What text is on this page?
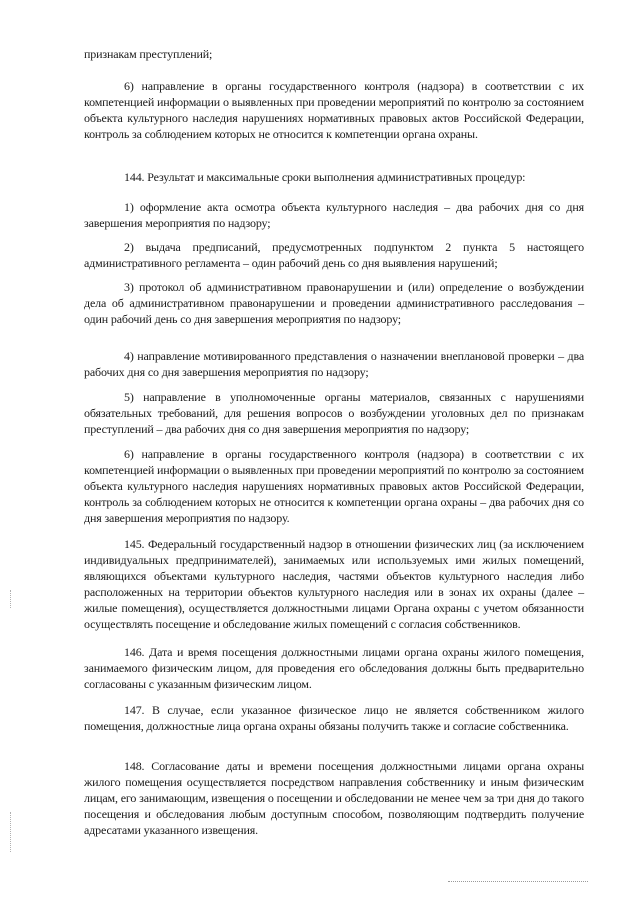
признакам преступлений;

6) направление в органы государственного контроля (надзора) в соответствии с их компетенцией информации о выявленных при проведении мероприятий по контролю за состоянием объекта культурного наследия нарушениях нормативных правовых актов Российской Федерации, контроль за соблюдением которых не относится к компетенции органа охраны.

144. Результат и максимальные сроки выполнения административных процедур:

1) оформление акта осмотра объекта культурного наследия – два рабочих дня со дня завершения мероприятия по надзору;

2) выдача предписаний, предусмотренных подпунктом 2 пункта 5 настоящего административного регламента – один рабочий день со дня выявления нарушений;

3) протокол об административном правонарушении и (или) определение о возбуждении дела об административном правонарушении и проведении административного расследования – один рабочий день со дня завершения мероприятия по надзору;

4) направление мотивированного представления о назначении внеплановой проверки – два рабочих дня со дня завершения мероприятия по надзору;

5) направление в уполномоченные органы материалов, связанных с нарушениями обязательных требований, для решения вопросов о возбуждении уголовных дел по признакам преступлений – два рабочих дня со дня завершения мероприятия по надзору;

6) направление в органы государственного контроля (надзора) в соответствии с их компетенцией информации о выявленных при проведении мероприятий по контролю за состоянием объекта культурного наследия нарушениях нормативных правовых актов Российской Федерации, контроль за соблюдением которых не относится к компетенции органа охраны – два рабочих дня со дня завершения мероприятия по надзору.

145. Федеральный государственный надзор в отношении физических лиц (за исключением индивидуальных предпринимателей), занимаемых или используемых ими жилых помещений, являющихся объектами культурного наследия, частями объектов культурного наследия либо расположенных на территории объектов культурного наследия или в зонах их охраны (далее – жилые помещения), осуществляется должностными лицами Органа охраны с учетом обязанности осуществлять посещение и обследование жилых помещений с согласия собственников.

146. Дата и время посещения должностными лицами органа охраны жилого помещения, занимаемого физическим лицом, для проведения его обследования должны быть предварительно согласованы с указанным физическим лицом.

147. В случае, если указанное физическое лицо не является собственником жилого помещения, должностные лица органа охраны обязаны получить также и согласие собственника.

148. Согласование даты и времени посещения должностными лицами органа охраны жилого помещения осуществляется посредством направления собственнику и иным физическим лицам, его занимающим, извещения о посещении и обследовании не менее чем за три дня до такого посещения и обследования любым доступным способом, позволяющим подтвердить получение адресатами указанного извещения.
